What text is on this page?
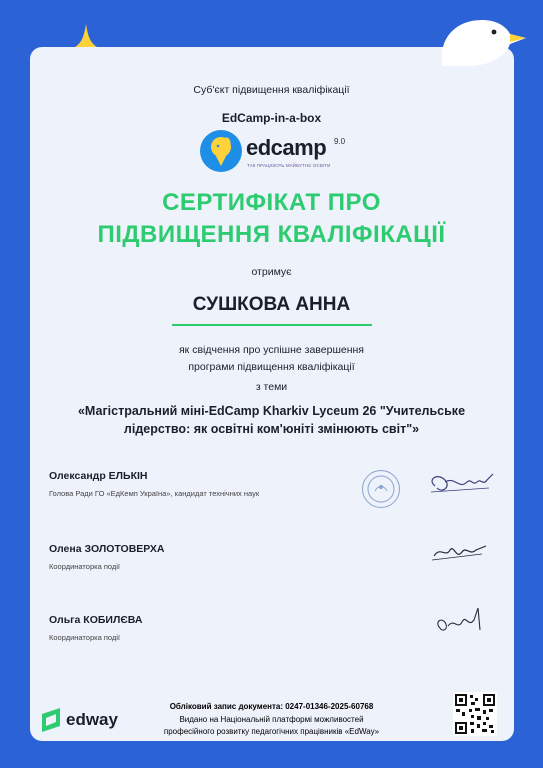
Суб'єкт підвищення кваліфікації
EdCamp-in-a-box
edcamp 9.0
ТАК ПРАЦЮЮТЬ МАЙБУТНЄ ОСВІТИ
СЕРТИФІКАТ ПРО
ПІДВИЩЕННЯ КВАЛІФІКАЦІЇ
отримує
СУШКОВА АННА
як свідчення про успішне завершення
програми підвищення кваліфікації
з теми
«Магістральний міні-EdCamp Kharkiv Lyceum 26 "Учительське
лідерство: як освітні ком'юніті змінюють світ"»
Олександр ЕЛЬКІН
Голова Ради ГО «ЕдКемп Україна», кандидат технічних наук
Олена ЗОЛОТОВЕРХА
Координаторка події
Ольга КОБИЛЄВА
Координаторка події
edway
Обліковий запис документа: 0247-01346-2025-60768
Видано на Національній платформі можливостей
професійного розвитку педагогічних працівників «EdWay»
